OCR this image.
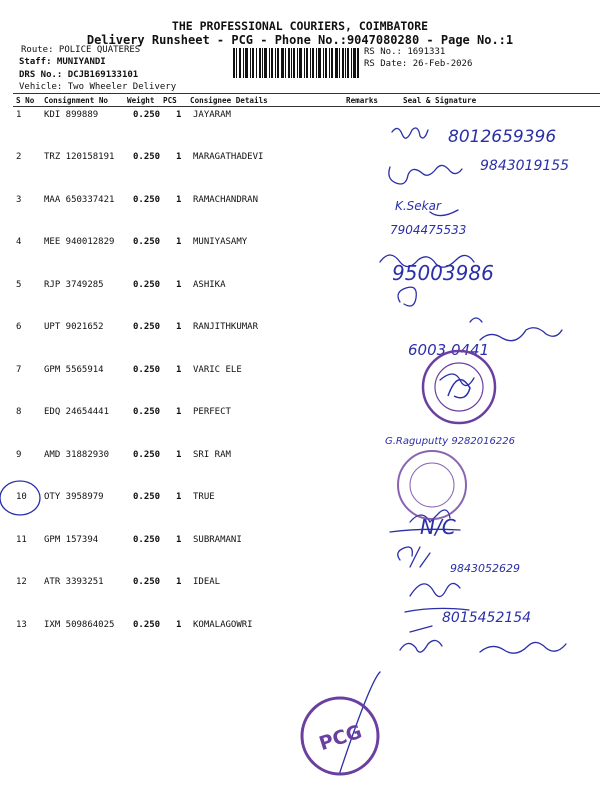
THE PROFESSIONAL COURIERS, COIMBATORE
Delivery Runsheet - PCG - Phone No.:9047080280 - Page No.:1
Route: POLICE QUATERES
Staff: MUNIYANDI
DRS No.: DCJB169133101
Vehicle: Two Wheeler Delivery
RS No.: 1691331
RS Date: 26-Feb-2026
S No Consignment No Weight PCS Consignee Details	Remarks	Seal & Signature
1	KDI 899889	0.250 1 JAYARAM
2	TRZ 120158191 0.250 1 MARAGATHADEVI
3	MAA 650337421 0.250 1 RAMACHANDRAN
4	MEE 940012829 0.250 1 MUNIYASAMY
5	RJP 3749285	0.250 1 ASHIKA
6	UPT 9021652	0.250 1 RANJITHKUMAR
7	GPM 5565914	0.250 1 VARIC ELE
8	EDQ 24654441	0.250 1 PERFECT
9	AMD 31882930	0.250 1 SRI RAM
10 OTY 3958979	0.250 1 TRUE
11 GPM 157394	0.250 1 SUBRAMANI
12 ATR 3393251	0.250 1 IDEAL
13 IXM 509864025 0.250 1 KOMALAGOWRI
8012659396
9843019155
K.Sekar
7904475533
95003986
6003 0441
G.Raguputty 9282016226
N/C
9843052629
8015452154
PCG
